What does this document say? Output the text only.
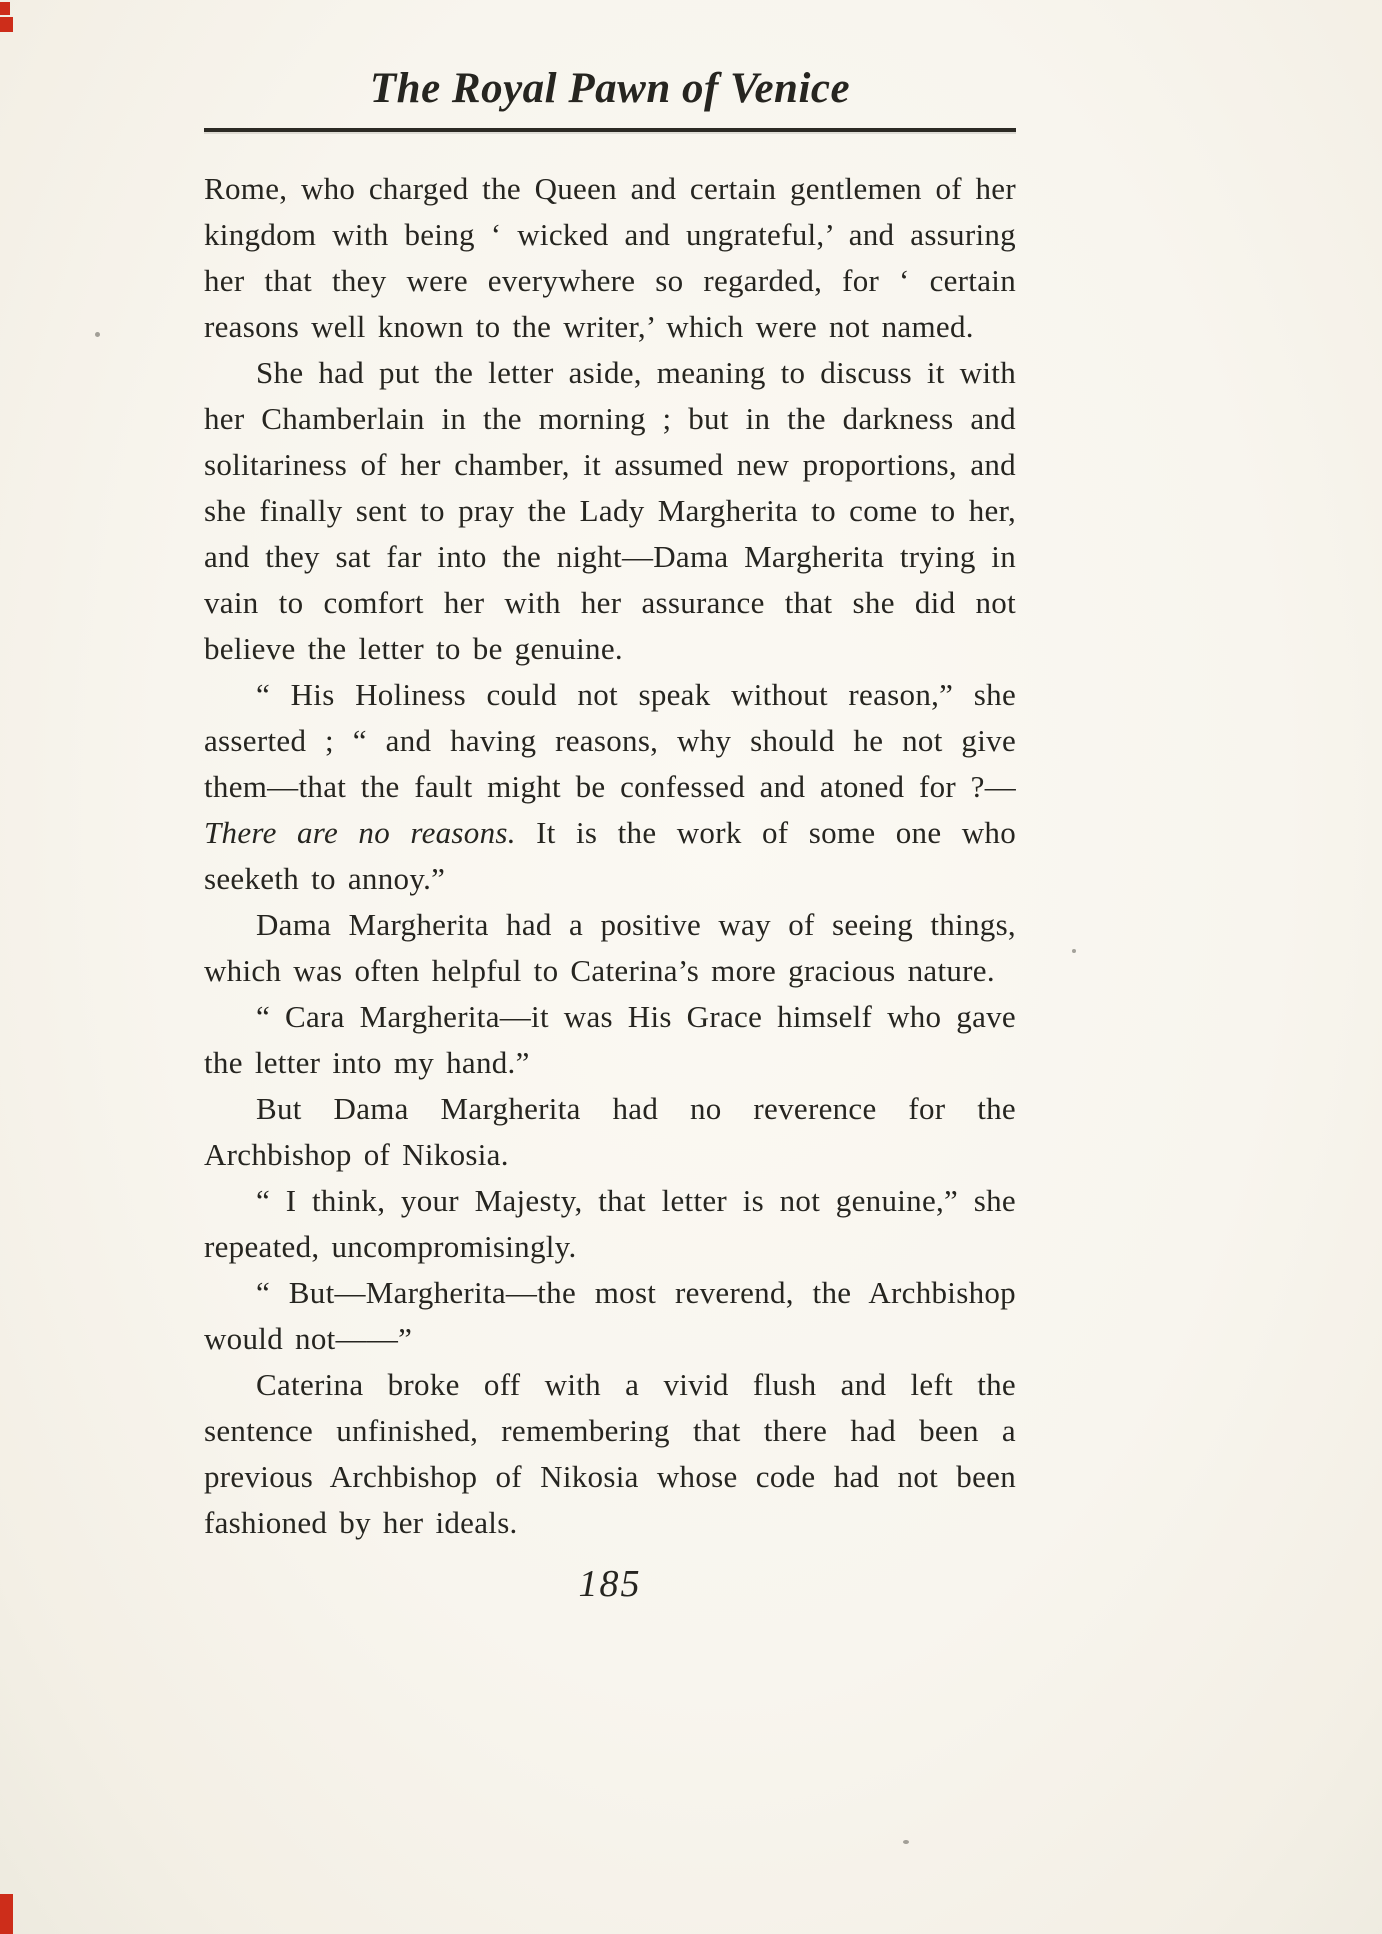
The Royal Pawn of Venice

Rome, who charged the Queen and certain gentlemen of her kingdom with being ‘ wicked and ungrateful,’ and assuring her that they were everywhere so regarded, for ‘ certain reasons well known to the writer,’ which were not named.

She had put the letter aside, meaning to discuss it with her Chamberlain in the morning ; but in the darkness and solitariness of her chamber, it assumed new proportions, and she finally sent to pray the Lady Margherita to come to her, and they sat far into the night—Dama Margherita trying in vain to comfort her with her assurance that she did not believe the letter to be genuine.

“ His Holiness could not speak without reason,” she asserted ; “ and having reasons, why should he not give them—that the fault might be confessed and atoned for ?—There are no reasons. It is the work of some one who seeketh to annoy.”

Dama Margherita had a positive way of seeing things, which was often helpful to Caterina’s more gracious nature.

“ Cara Margherita—it was His Grace himself who gave the letter into my hand.”

But Dama Margherita had no reverence for the Archbishop of Nikosia.

“ I think, your Majesty, that letter is not genuine,” she repeated, uncompromisingly.

“ But—Margherita—the most reverend, the Archbishop would not——”

Caterina broke off with a vivid flush and left the sentence unfinished, remembering that there had been a previous Archbishop of Nikosia whose code had not been fashioned by her ideals.

185
